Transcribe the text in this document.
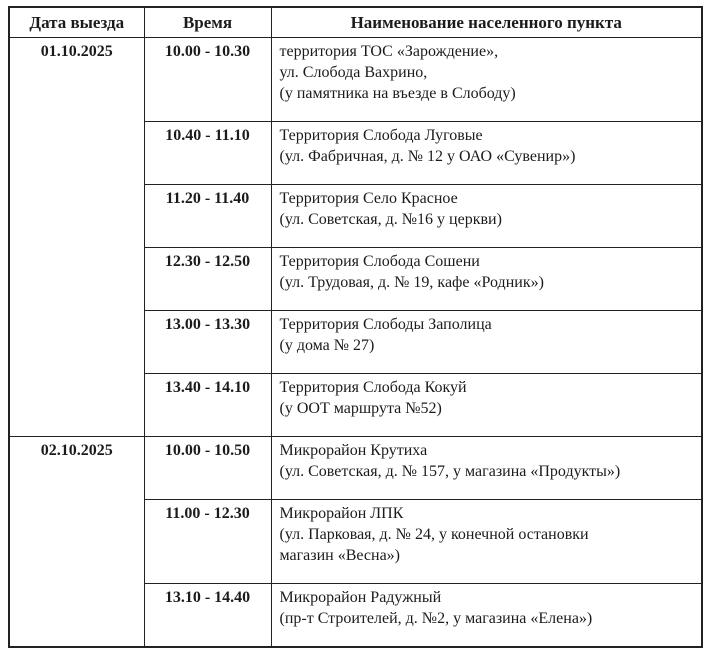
Дата выезда	Время	Наименование населенного пункта
01.10.2025	10.00 - 10.30	территория ТОС «Зарождение»,
ул. Слобода Вахрино,
(у памятника на въезде в Слободу)

	10.40 - 11.10	Территория Слобода Луговые
(ул. Фабричная, д. № 12 у ОАО «Сувенир»)

	11.20 - 11.40	Территория Село Красное
(ул. Советская, д. №16 у церкви)

	12.30 - 12.50	Территория Слобода Сошени
(ул. Трудовая, д. № 19, кафе «Родник»)

	13.00 - 13.30	Территория Слободы Заполица
(у дома № 27)

	13.40 - 14.10	Территория Слобода Кокуй
(у ООТ маршрута №52)

02.10.2025	10.00 - 10.50	Микрорайон Крутиха
(ул. Советская, д. № 157, у магазина «Продукты»)

	11.00 - 12.30	Микрорайон ЛПК
(ул. Парковая, д. № 24, у конечной остановки
магазин «Весна»)

	13.10 - 14.40	Микрорайон Радужный
(пр-т Строителей, д. №2, у магазина «Елена»)
